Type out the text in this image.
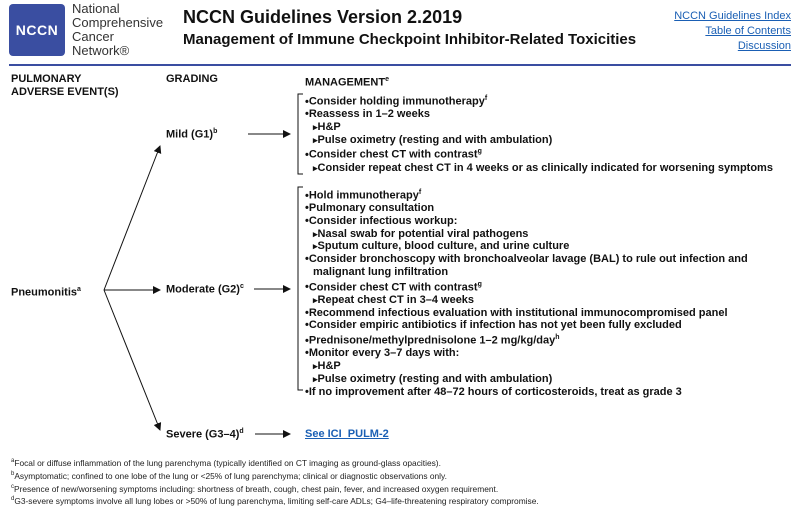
NCCN
National
Comprehensive
Cancer
Network®
NCCN Guidelines Version 2.2019
Management of Immune Checkpoint Inhibitor-Related Toxicities
NCCN Guidelines Index
Table of Contents
Discussion
PULMONARY
ADVERSE EVENT(S)
GRADING	MANAGEMENT$^e$
Pneumonitis$^a$
Mild $(G1)^b$
Moderate $(G2)^c$
Severe $(G3-4)^d$
• Consider holding immunotherapy$^f$
• Reassess in 1–2 weeks
▸ H&P
▸ Pulse oximetry (resting and with ambulation)
• Consider chest CT with contrast$^g$
▸ Consider repeat chest CT in 4 weeks or as clinically indicated for worsening symptoms
• Hold immunotherapy$^f$
• Pulmonary consultation
• Consider infectious workup:
▸ Nasal swab for potential viral pathogens
▸ Sputum culture, blood culture, and urine culture
• Consider bronchoscopy with bronchoalveolar lavage (BAL) to rule out infection and malignant lung infiltration
• Consider chest CT with contrast$^g$
▸ Repeat chest CT in 3–4 weeks
• Recommend infectious evaluation with institutional immunocompromised panel
• Consider empiric antibiotics if infection has not yet been fully excluded
• Prednisone/methylprednisolone 1–2 mg/kg/day$^h$
• Monitor every 3–7 days with:
▸ H&P
▸ Pulse oximetry (resting and with ambulation)
• If no improvement after 48–72 hours of corticosteroids, treat as grade 3
See ICI_PULM-2
$^a$Focal or diffuse inflammation of the lung parenchyma (typically identified on CT imaging as ground-glass opacities).
$^b$Asymptomatic; confined to one lobe of the lung or <25% of lung parenchyma; clinical or diagnostic observations only.
$^c$Presence of new/worsening symptoms including: shortness of breath, cough, chest pain, fever, and increased oxygen requirement.
$^d$G3-severe symptoms involve all lung lobes or >50% of lung parenchyma, limiting self-care ADLs; G4–life-threatening respiratory compromise.
